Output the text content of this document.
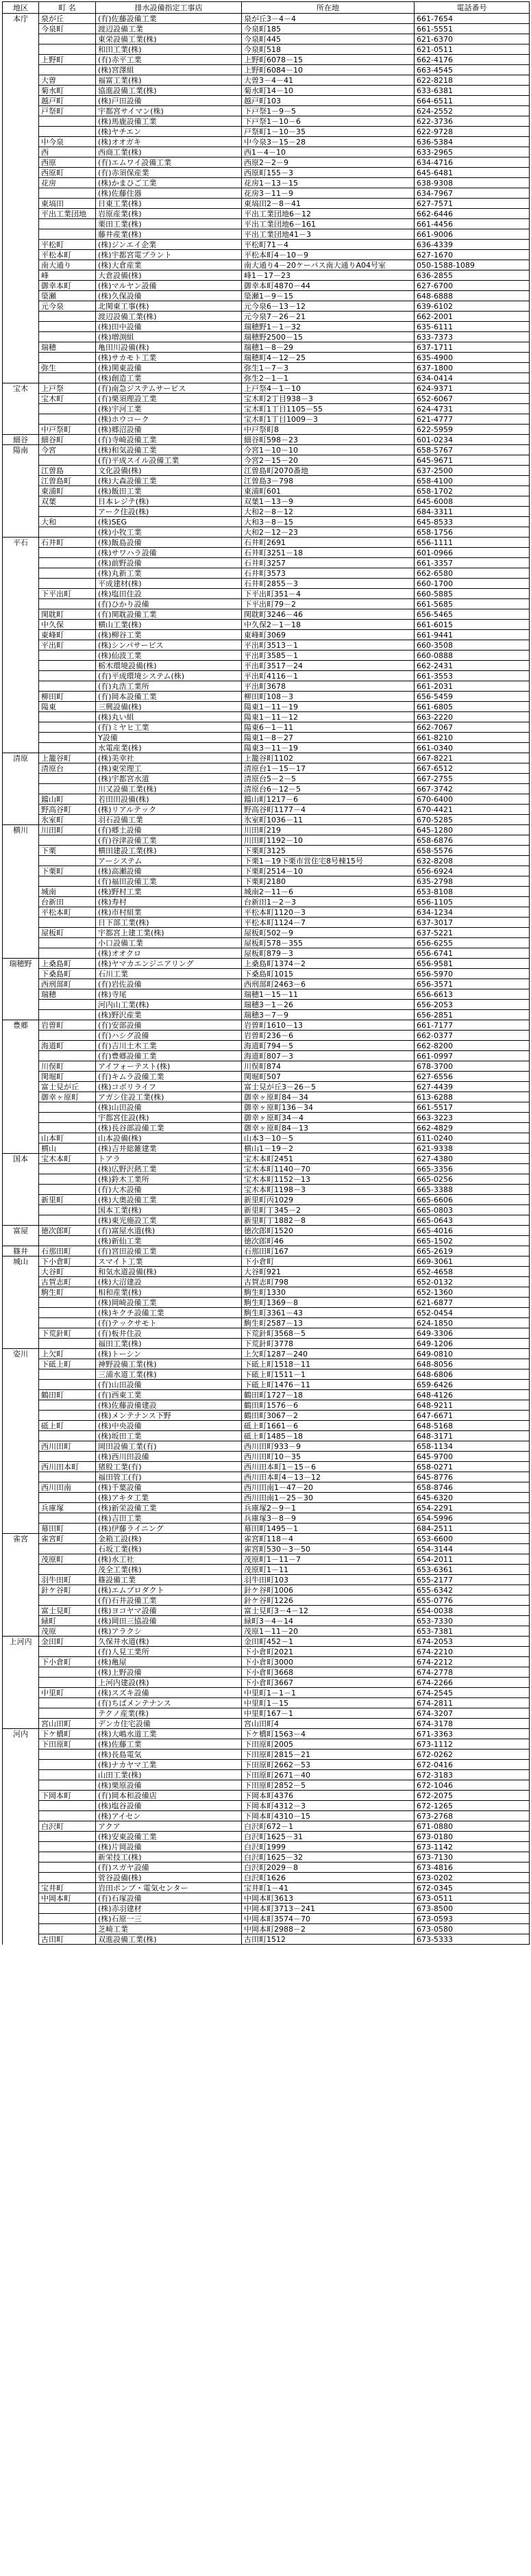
地区	町 名	排水設備指定工事店	所在地	電話番号
本庁	泉が丘	(有)佐藤設備工業	泉が丘3－4－4	661-7654
	今泉町	渡辺設備工業	今泉町185	661-5551
		東栄設備工業(株)	今泉町445	621-6370
		和田工業(株)	今泉町518	621-0511
	上野町	(有)赤平工業	上野町6078－15	662-4176
		(株)宮澤組	上野町6084－10	663-4545
	大曽	福富工業(株)	大曽3－4－41	622-8218
	菊水町	協進設備工業(株)	菊水町14－10	633-6381
	越戸町	(株)戸田設備	越戸町103	664-6511
	戸祭町	宇都宮サイマン(株)	下戸祭1－9－5	624-2552
		(株)馬鹿設備工業	下戸祭1－10－6	622-3736
		(株)ヤチエン	戸祭町1－10－35	622-9728
	中今泉	(株)オオガキ	中今泉3－15－28	636-5384
	西	西商工業(株)	西1－4－10	633-2965
	西原	(有)エムワイ設備工業	西原2－2－9	634-4716
	西原町	(有)赤須保産業	西原町155－3	645-6481
	花房	(株)かまひご工業	花房1－13－15	638-9308
		(株)佐藤住器	花房3－11－9	634-7967
	東塙田	日東工業(株)	東塙田2－8－41	627-7571
	平出工業団地	岩原産業(株)	平出工業団地6－12	662-6446
		栗田工業(株)	平出工業団地6－161	661-4456
		藤井産業(株)	平出工業団地41－3	661-9006
	平松町	(株)ジンエイ企業	平松町71－4	636-4339
	平松本町	(株)宇都宮電プラント	平松本町4－10－9	627-1670
	南大通り	(株)大倉産業	南大通り4－20ケーパス南大通りA04号室	050-1588-1089
	峰	大倉設備(株)	峰1－17－23	636-2855
	御幸本町	(株)マルヤン設備	御幸本町4870－44	627-6700
	簗瀬	(株)久保設備	簗瀬1－9－15	648-6888
	元今泉	北関東工事(株)	元今泉6－13－12	639-6102
		渡辺設備工業(株)	元今泉7－26－21	662-2001
		(株)田中設備	瑞穂野1－1－32	635-6111
		(株)増渕組	瑞穂野2500－15	633-7373
	瑞穂	亀田川設備(株)	瑞穂1－8－29	637-1711
		(株)サカモト工業	瑞穂町4－12－25	635-4900
	弥生	(株)関東設備	弥生1－7－3	637-1800
		(株)創造工業	弥生2－1－1	634-0414
宝木	上戸祭	(有)南急ジステムサービス	上戸祭4－1－10	624-9371
	宝木町	(有)栗須理設工業	宝木町2丁目938－3	652-6067
		(株)宇河工業	宝木町1丁目1105－55	624-4731
		(株)ホウコーク	宝木町1丁目1009－3	621-4777
	中戸祭町	(株)郷沼設備	中戸祭町8	622-5959
細谷	細谷町	(有)寺崎設備工業	細谷町598－23	601-0234
陽南	今宮	(株)和気設備工業	今宮1－10－10	658-5767
		(有)平成スイル設備工業	今宮2－15－20	645-9671
	江曽島	文化設備(株)	江曽島町2070番地	637-2500
	江曽島町	(株)大森設備工業	江曽島3－798	658-4100
	東浦町	(株)飯田工業	東浦町601	658-1702
	双葉	日本レジテ(株)	双葉1－13－9	645-6008
		アーク住設(株)	大和2－8－12	684-3311
	大和	(株)SEG	大和3－8－15	645-8533
		(株)小牧工業	大和2－12－23	658-1756
平石	石井町	(株)飯島設備	石井町2691	656-1111
		(株)サワハラ設備	石井町3251－18	601-0966
		(株)前野設備	石井町3257	661-3357
		(株)丸新工業	石井町3573	662-6580
		平成建材(株)	石井町2855－3	660-1700
	下平出町	(株)塩田住設	下平出町351－4	660-5885
		(有)ひかり設備	下平出町79－2	661-5685
	関耽町	(有)関耽設備工業	関耽町3246－46	656-5465
	中久保	横山工業(株)	中久保2－1－18	661-6015
	東峰町	(株)柳谷工業	東峰町3069	661-9441
	平出町	(株)シンパサービス	平出町3513－1	660-3508
		(株)仙波工業	平出町3585－1	660-0888
		栃木環境設備(株)	平出町3517－24	662-2431
		(有)平成環境システム(株)	平出町4116－1	661-3553
		(有)丸浩工業所	平出町3678	661-2031
	柳田町	(有)岡本設備工業	柳田町108－3	656-5459
	陽東	三興設備(株)	陽東1－11－19	661-6805
		(株)丸い組	陽東1－11－12	663-2220
		(有)ミヤヒ工業	陽東6－1－11	662-7067
		Y設備	陽東1－8－27	661-8210
		水電産業(株)	陽東3－11－19	661-0340
清原	上籠谷町	(株)美幸社	上籠谷町1102	667-8221
	清原台	(株)東栄理工	清原台1－15－17	667-6512
		(株)宇都宮水道	清原台5－2－5	667-2755
		川又設備工業(株)	清原台6－12－5	667-3742
	鐺山町	若田田設備(株)	鐺山町1217－6	670-6400
	野高谷町	(株)リアルテック	野高谷町1177－4	670-4421
	氷室町	羽石設備工業	氷室町1036－11	670-5285
横川	川田町	(有)郷土設備	川田町219	645-1280
		(有)谷津設備工業	川田町1192－10	658-6876
	下栗	横田建設工業(株)	下栗町3125	658-5576
		アーシステム	下栗1－19下栗市営住宅8号棟15号	632-8208
	下栗町	(株)高瀬設備	下栗町2514－10	656-6924
		(有)福田設備工業	下栗町2180	635-2798
	城南	(株)野村工業	城南2－11－6	653-8108
	台新田	(株)寿村	台新田1－2－3	656-1105
	平松本町	(株)市村組業	平松本町1120－3	634-1234
		日下部工業(株)	平松本町1124－7	637-3017
	屋板町	宇都宮上建工業(株)	屋板町502－9	637-5221
		小口設備工業	屋板町578－355	656-6255
		(株)オオクロ	屋板町879－3	656-6741
瑞穂野	上桑島町	(株)ヤマカエンジニアリング	上桑島町1374－2	656-9581
	下桑島町	石川工業	下桑島町1015	656-5970
	西刑部町	(有)岩佐設備	西刑部町2463－6	656-3571
	瑞穂	(株)寺尾	瑞穂1－15－11	656-6613
		河内山工業(株)	瑞穂3－1－26	656-2053
		(株)野沢産業	瑞穂3－7－9	656-2851
豊郷	岩曽町	(有)安部設備	岩曽町1610－13	661-7177
		(有)ハシグ設備	岩曽町236－6	662-0377
	海道町	(有)吉川土木工業	海道町794－5	662-8200
		(有)豊郷設備工業	海道町807－3	661-0997
	川俣町	アイフォーテスト(株)	川俣町874	678-3700
	関堀町	(有)キムラ設備工業	関堀町507	627-6556
	富士見が丘	(株)コボリライフ	富士見が丘3－26－5	627-4439
	御幸ヶ原町	アガシ住設工業(株)	御幸ヶ原町84－34	613-6288
		(株)山田設備	御幸ヶ原町136－34	661-5517
		宇都宮住設(株)	御幸ヶ原町34－4	663-3223
		(株)長谷部設備工業	御幸ヶ原町84－13	662-4829
	山本町	山本設備(株)	山本3－10－5	611-0240
	横山	(株)吉井総雑建業	横山1－19－2	621-9338
国本	宝木本町	トアラ	宝木本町2451	627-4380
		(株)広野沢熱工業	宝木本町1140－70	665-3356
		(株)鈴木工業所	宝木本町1152－13	665-0256
		(有)大木設備	宝木本町1198－3	665-3388
	新里町	(株)大奥設備工業	新里町丙1029	665-6606
		国本工業(株)	新里町丁345－2	665-0803
		(株)東光施設工業	新里町丁1882－8	665-0643
富屋	徳次郎町	(有)富屋水道(株)	徳次郎町1520	665-4016
		(株)新仙工業	徳次郎町46	665-1502
篠井	石那田町	(有)宮田設備工業	石那田町167	665-2619
城山	下小倉町	スマイト工業	下小倉町	669-3061
	大谷町	和気水道設備(株)	大谷町921	652-4658
	古賀志町	(株)大沼建設	古賀志町798	652-0132
	駒生町	相和産業(株)	駒生町1330	652-1360
		(株)岡崎設備工業	駒生町1369－8	621-6877
		(株)キクチ設備工業	駒生町3361－43	652-0454
		(有)テックサモト	駒生町2587－13	624-1850
	下荒針町	(有)板井住設	下荒針町3568－5	649-3306
		福田工業(株)	下荒針町3778	649-1206
姿川	上欠町	(株)トーシン	上欠町1287－240	649-0810
	下砥上町	神野設備工業(株)	下砥上町1518－11	648-8056
		三浦水道工業(株)	下砥上町1511－1	648-6806
		(有)山田設備	下砥上町1476－11	659-6426
	鶴田町	(有)西東工業	鶴田町1727－18	648-4126
		(株)佐藤設備建設	鶴田町1576－6	648-9211
		(株)メンテナンス下野	鶴田町3067－2	647-6671
	砥上町	(株)中央設備	砥上町1661－6	648-5168
		(株)坂田工業	砥上町1485－18	648-3171
	西川田町	岡田設備工業(有)	西川田町933－9	658-1134
		(株)西川田設備	西川田町10－35	645-9700
	西川田本町	猪股工業(有)	西川田本町1－15－6	658-0271
		福田管工(有)	西川田本町4－13－12	645-8776
	西川田南	(株)千葉設備	西川田南1－47－20	658-8746
		(株)アキタ工業	西川田南1－25－30	645-6320
	兵庫塚	(株)新栄設備工業	兵庫塚2－9－1	654-2291
		(株)吉田工業	兵庫塚3－8－9	654-5996
	幕田町	(株)伊藤ライニング	幕田町1495－1	684-2511
雀宮	雀宮町	金箱工設(株)	雀宮町118－4	653-6600
		石坂工業(株)	雀宮町530－3－50	654-3144
	茂原町	(株)水工社	茂原町1－11－7	654-2011
		茂全工業(株)	茂原町1－11	653-6361
	羽牛田町	篠設備工業	羽牛田町103	655-2177
	針ケ谷町	(株)エムプロダクト	針ケ谷町1006	655-6342
		(有)石井設備工業	針ケ谷町1226	655-0776
	富士見町	(株)ヨコヤマ設備	富士見町3－4－12	654-0038
	緑町	(株)岡田三協設備	緑町3－4－14	653-7330
	茂原	(株)アラクシ	茂原1－11－20	653-7381
上河内	金田町	久保井水道(株)	金田町452－1	674-2053
		(有)人見工業所	下小倉町2021	674-2210
	下小倉町	(株)亀屋	下小倉町3000	674-2212
		(株)上野設備	下小倉町3668	674-2778
		上河内建設(株)	下小倉町3667	674-2266
	中里町	(株)スズキ設備	中里町1－1－1	674-2545
		(有)ちばメンテナンス	中里町1－15	674-2811
		テクノ産業(株)	中里町167－1	674-3207
	宮山田町	デンカ住宅設備	宮山田町4	674-3178
河内	下ケ橋町	(株)大嶋水道工業	下ケ橋町1563－4	671-3363
	下田原町	(株)佐藤工業	下田原町2005	673-1112
		(株)長島電気	下田原町2815－21	672-0262
		(株)ナカヤマ工業	下田原町2662－53	672-0416
		山田工業(株)	下田原町2671－40	672-3183
		(株)栗原設備	下田原町2852－5	672-1046
	下岡本町	(有)岡本和設備店	下岡本町4376	672-2075
		(株)塩谷設備	下岡本町4312－3	672-1265
		(株)アイセン	下岡本町4310－15	673-2768
	白沢町	アクア	白沢町672－1	671-0880
		(株)安東設備工業	白沢町1625－31	673-0180
		(株)片岡設備	白沢町1999	673-1142
		新栄技工(株)	白沢町1625－32	673-7130
		(有)スガヤ設備	白沢町2029－8	673-4816
		菅谷設備(株)	白沢町1626	673-0202
	宝井町	岩田ポンプ・電気センター	宝井町1－41	672-0345
	中岡本町	(有)石塚設備	中岡本町3613	673-0511
		(株)赤羽建材	中岡本町3713－241	673-8500
		(株)石原一三	中岡本町3574－70	673-0593
		芝崎工業	中岡本町2988－2	673-0580
	古田町	双進設備工業(株)	古田町1512	673-5333
